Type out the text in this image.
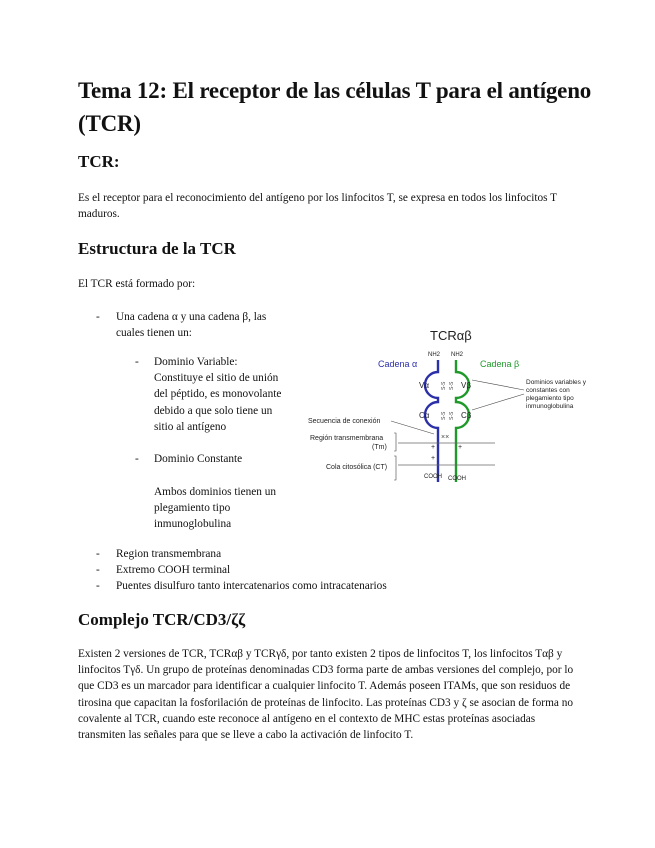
Tema 12: El receptor de las células T para el antígeno (TCR)
TCR:

Es el receptor para el reconocimiento del antígeno por los linfocitos T, se expresa en todos los linfocitos T maduros.

Estructura de la TCR

El TCR está formado por:

- Una cadena α y una cadena β, las cuales tienen un:

- Dominio Variable: Constituye el sitio de unión del péptido, es monovolante debido a que solo tiene un sitio al antígeno

- Dominio Constante

Ambos dominios tienen un plegamiento tipo inmunoglobulina

- Region transmembrana

- Extremo COOH terminal

- Puentes disulfuro tanto intercatenarios como intracatenarios

TCRαβ
Cadena α	Cadena β
NH2 NH2
Vα	Vβ
Cα	Cβ
S-S S-S
S-S S-S
××
+
+
+
Secuencia de conexión
Región transmembrana
(Tm)
Cola citosólica (CT)
COOH COOH
Dominios variables y
constantes con
plegamiento tipo
inmunoglobulina
Complejo TCR/CD3/ζζ

Existen 2 versiones de TCR, TCRαβ y TCRγδ, por tanto existen 2 tipos de linfocitos T, los linfocitos Tαβ y linfocitos Tγδ. Un grupo de proteínas denominadas CD3 forma parte de ambas versiones del complejo, por lo que CD3 es un marcador para identificar a cualquier linfocito T. Además poseen ITAMs, que son residuos de tirosina que capacitan la fosforilación de proteínas de linfocito. Las proteínas CD3 y ζ se asocian de forma no covalente al TCR, cuando este reconoce al antígeno en el contexto de MHC estas proteínas asociadas transmiten las señales para que se lleve a cabo la activación de linfocito T.
